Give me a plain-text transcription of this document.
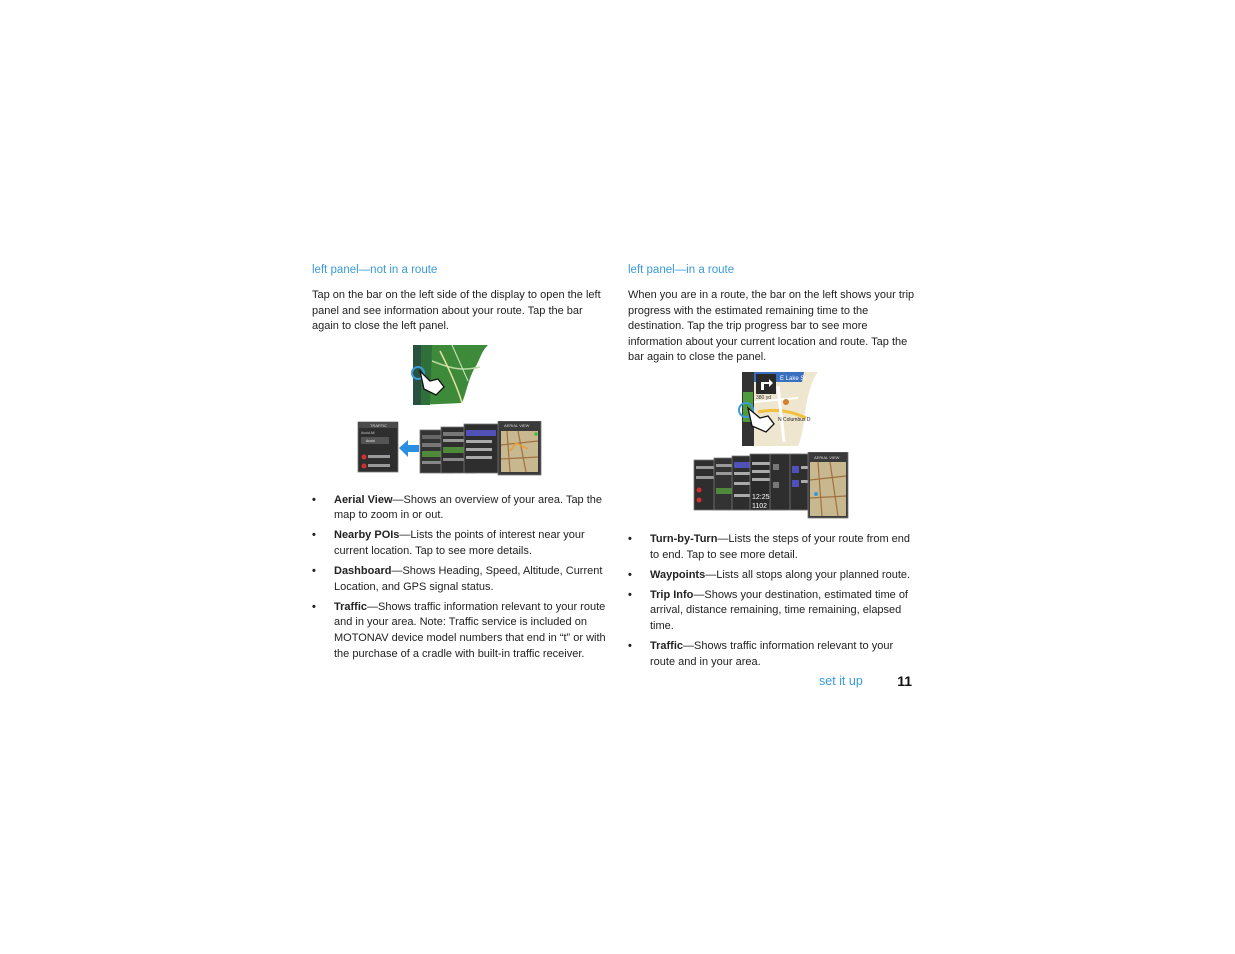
left panel—not in a route

Tap on the bar on the left side of the display to open the left panel and see information about your route. Tap the bar again to close the left panel.

TRAFFIC
Avoid All
Avoid
AERIAL VIEW
• Aerial View—Shows an overview of your area. Tap the map to zoom in or out.
• Nearby POIs—Lists the points of interest near your current location. Tap to see more details.
• Dashboard—Shows Heading, Speed, Altitude, Current Location, and GPS signal status.
• Traffic—Shows traffic information relevant to your route and in your area. Note: Traffic service is included on MOTONAV device model numbers that end in “t” or with the purchase of a cradle with built-in traffic receiver.
left panel—in a route

When you are in a route, the bar on the left shows your trip progress with the estimated remaining time to the destination. Tap the trip progress bar to see more information about your current location and route. Tap the bar again to close the panel.

E Lake St
380 yd
N Columbus D
12:25
1102
AERIAL VIEW
• Turn-by-Turn—Lists the steps of your route from end to end. Tap to see more detail.
• Waypoints—Lists all stops along your planned route.
• Trip Info—Shows your destination, estimated time of arrival, distance remaining, time remaining, elapsed time.
• Traffic—Shows traffic information relevant to your route and in your area.
set it up 11
